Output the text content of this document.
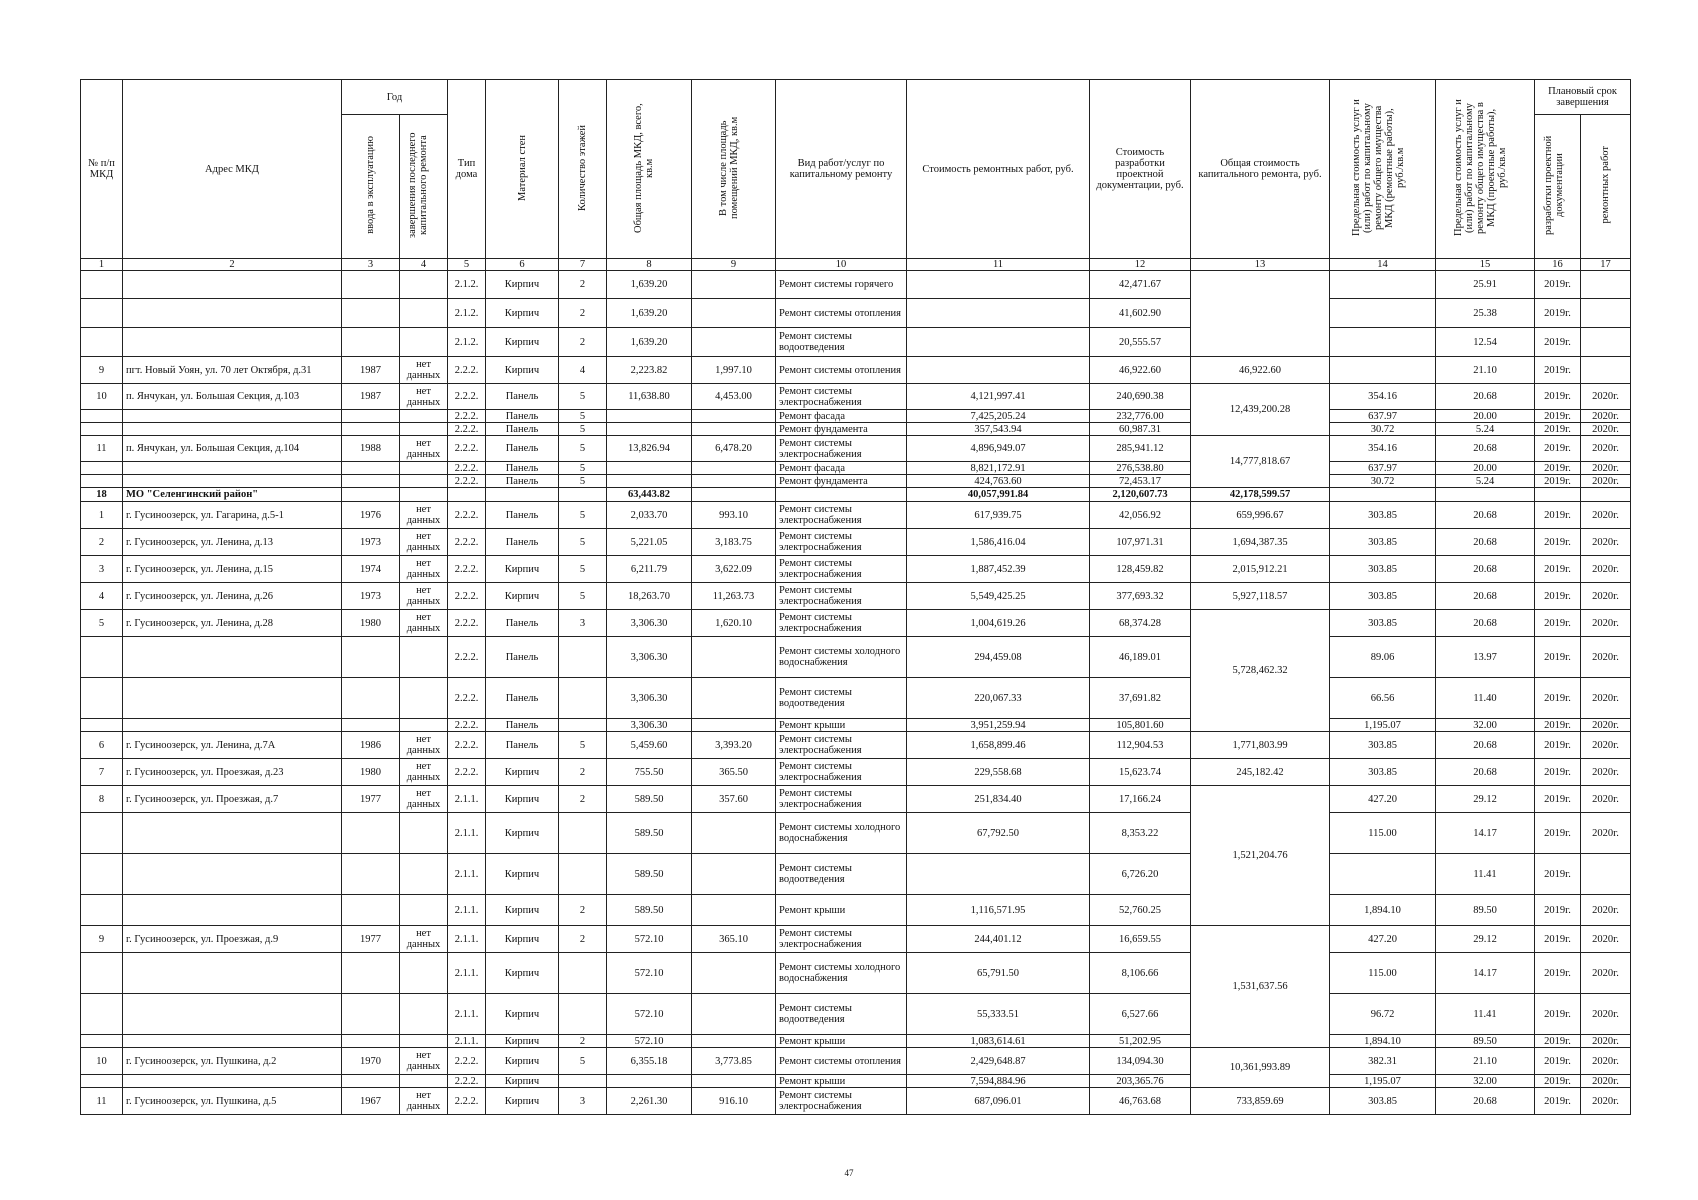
№ п/п МКД	Адрес МКД	Год		Тип дома	Материал стен	Количество этажей	Общая площадь МКД, всего, кв.м	В том числе площадь помещений МКД, кв.м	Вид работ/услуг по капитальному ремонту	Стоимость ремонтных работ, руб.	Стоимость разработки проектной документации, руб.	Общая стоимость капитального ремонта, руб.	Предельная стоимость услуг и (или) работ по капитальному ремонту общего имущества МКД (ремонтные работы), руб./кв.м	Предельная стоимость услуг и (или) работ по капитальному ремонту общего имущества в МКД (проектные работы), руб./кв.м	Плановый срок завершения	
		ввода в эксплуатацию	завершения последнего капитального ремонта												разработки проектной документации	ремонтных работ
1	2	3	4	5	6	7	8	9	10	11	12	13	14	15	16	17
				2.1.2.	Кирпич	2	1,639.20		Ремонт системы горячего		42,471.67			25.91	2019г.	
				2.1.2.	Кирпич	2	1,639.20		Ремонт системы отопления		41,602.90			25.38	2019г.	
				2.1.2.	Кирпич	2	1,639.20		Ремонт системы водоотведения		20,555.57			12.54	2019г.	
9	пгт. Новый Уоян, ул. 70 лет Октября, д.31	1987	нет данных	2.2.2.	Кирпич	4	2,223.82	1,997.10	Ремонт системы отопления		46,922.60	46,922.60		21.10	2019г.	
10	п. Янчукан, ул. Большая Секция, д.103	1987	нет данных	2.2.2.	Панель	5	11,638.80	4,453.00	Ремонт системы электроснабжения	4,121,997.41	240,690.38	12,439,200.28	354.16	20.68	2019г.	2020г.
				2.2.2.	Панель	5			Ремонт фасада	7,425,205.24	232,776.00		637.97	20.00	2019г.	2020г.
				2.2.2.	Панель	5			Ремонт фундамента	357,543.94	60,987.31		30.72	5.24	2019г.	2020г.
11	п. Янчукан, ул. Большая Секция, д.104	1988	нет данных	2.2.2.	Панель	5	13,826.94	6,478.20	Ремонт системы электроснабжения	4,896,949.07	285,941.12	14,777,818.67	354.16	20.68	2019г.	2020г.
				2.2.2.	Панель	5			Ремонт фасада	8,821,172.91	276,538.80		637.97	20.00	2019г.	2020г.
				2.2.2.	Панель	5			Ремонт фундамента	424,763.60	72,453.17		30.72	5.24	2019г.	2020г.
18	МО "Селенгинский район"						63,443.82			40,057,991.84	2,120,607.73	42,178,599.57				
1	г. Гусиноозерск, ул. Гагарина, д.5-1	1976	нет данных	2.2.2.	Панель	5	2,033.70	993.10	Ремонт системы электроснабжения	617,939.75	42,056.92	659,996.67	303.85	20.68	2019г.	2020г.
2	г. Гусиноозерск, ул. Ленина, д.13	1973	нет данных	2.2.2.	Панель	5	5,221.05	3,183.75	Ремонт системы электроснабжения	1,586,416.04	107,971.31	1,694,387.35	303.85	20.68	2019г.	2020г.
3	г. Гусиноозерск, ул. Ленина, д.15	1974	нет данных	2.2.2.	Кирпич	5	6,211.79	3,622.09	Ремонт системы электроснабжения	1,887,452.39	128,459.82	2,015,912.21	303.85	20.68	2019г.	2020г.
4	г. Гусиноозерск, ул. Ленина, д.26	1973	нет данных	2.2.2.	Кирпич	5	18,263.70	11,263.73	Ремонт системы электроснабжения	5,549,425.25	377,693.32	5,927,118.57	303.85	20.68	2019г.	2020г.
5	г. Гусиноозерск, ул. Ленина, д.28	1980	нет данных	2.2.2.	Панель	3	3,306.30	1,620.10	Ремонт системы электроснабжения	1,004,619.26	68,374.28	5,728,462.32	303.85	20.68	2019г.	2020г.
				2.2.2.	Панель		3,306.30		Ремонт системы холодного водоснабжения	294,459.08	46,189.01		89.06	13.97	2019г.	2020г.
				2.2.2.	Панель		3,306.30		Ремонт системы водоотведения	220,067.33	37,691.82		66.56	11.40	2019г.	2020г.
				2.2.2.	Панель		3,306.30		Ремонт крыши	3,951,259.94	105,801.60		1,195.07	32.00	2019г.	2020г.
6	г. Гусиноозерск, ул. Ленина, д.7А	1986	нет данных	2.2.2.	Панель	5	5,459.60	3,393.20	Ремонт системы электроснабжения	1,658,899.46	112,904.53	1,771,803.99	303.85	20.68	2019г.	2020г.
7	г. Гусиноозерск, ул. Проезжая, д.23	1980	нет данных	2.2.2.	Кирпич	2	755.50	365.50	Ремонт системы электроснабжения	229,558.68	15,623.74	245,182.42	303.85	20.68	2019г.	2020г.
8	г. Гусиноозерск, ул. Проезжая, д.7	1977	нет данных	2.1.1.	Кирпич	2	589.50	357.60	Ремонт системы электроснабжения	251,834.40	17,166.24	1,521,204.76	427.20	29.12	2019г.	2020г.
				2.1.1.	Кирпич		589.50		Ремонт системы холодного водоснабжения	67,792.50	8,353.22		115.00	14.17	2019г.	2020г.
				2.1.1.	Кирпич		589.50		Ремонт системы водоотведения		6,726.20			11.41	2019г.	
				2.1.1.	Кирпич	2	589.50		Ремонт крыши	1,116,571.95	52,760.25		1,894.10	89.50	2019г.	2020г.
9	г. Гусиноозерск, ул. Проезжая, д.9	1977	нет данных	2.1.1.	Кирпич	2	572.10	365.10	Ремонт системы электроснабжения	244,401.12	16,659.55	1,531,637.56	427.20	29.12	2019г.	2020г.
				2.1.1.	Кирпич		572.10		Ремонт системы холодного водоснабжения	65,791.50	8,106.66		115.00	14.17	2019г.	2020г.
				2.1.1.	Кирпич		572.10		Ремонт системы водоотведения	55,333.51	6,527.66		96.72	11.41	2019г.	2020г.
				2.1.1.	Кирпич	2	572.10		Ремонт крыши	1,083,614.61	51,202.95		1,894.10	89.50	2019г.	2020г.
10	г. Гусиноозерск, ул. Пушкина, д.2	1970	нет данных	2.2.2.	Кирпич	5	6,355.18	3,773.85	Ремонт системы отопления	2,429,648.87	134,094.30	10,361,993.89	382.31	21.10	2019г.	2020г.
				2.2.2.	Кирпич				Ремонт крыши	7,594,884.96	203,365.76		1,195.07	32.00	2019г.	2020г.
11	г. Гусиноозерск, ул. Пушкина, д.5	1967	нет данных	2.2.2.	Кирпич	3	2,261.30	916.10	Ремонт системы электроснабжения	687,096.01	46,763.68	733,859.69	303.85	20.68	2019г.	2020г.
47
